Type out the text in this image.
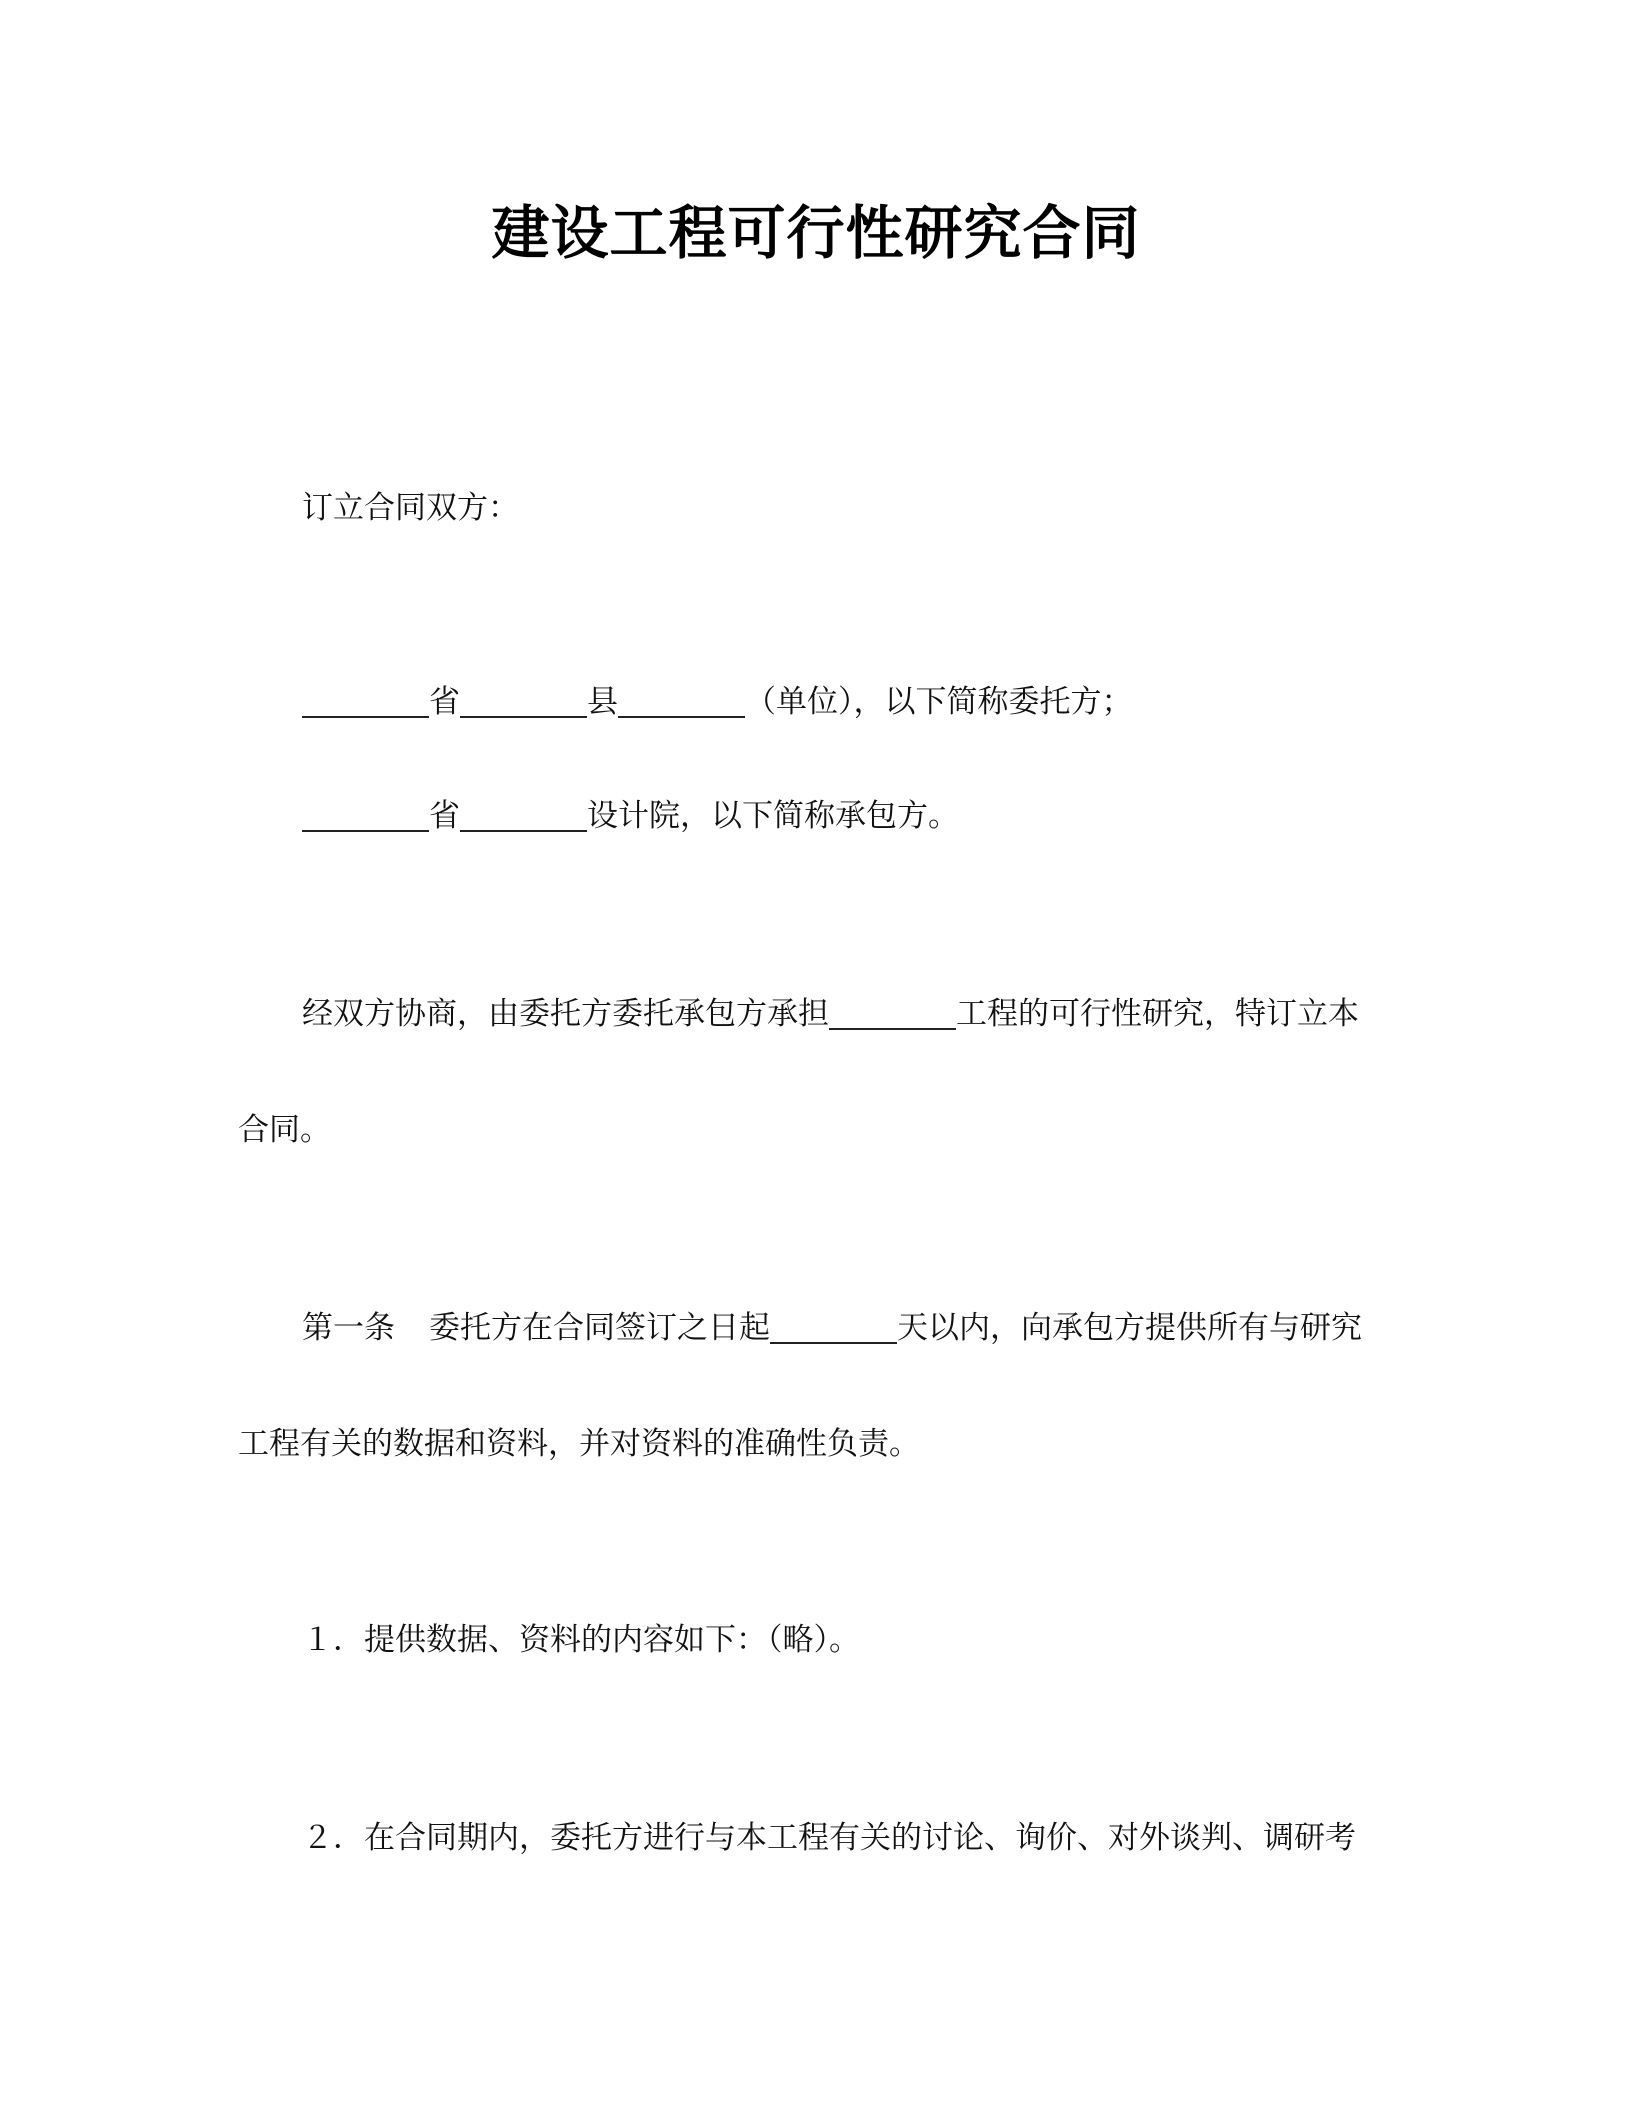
建设工程可行性研究合同

订立合同双方：

省	县	（单位），以下简称委托方；

省	设计院，以下简称承包方。

经双方协商，由委托方委托承包方承担	工程的可行性研究，特订立本

合同。

第一条 委托方在合同签订之日起	天以内，向承包方提供所有与研究

工程有关的数据和资料，并对资料的准确性负责。

１．提供数据、资料的内容如下：（略）。

２．在合同期内，委托方进行与本工程有关的讨论、询价、对外谈判、调研考
